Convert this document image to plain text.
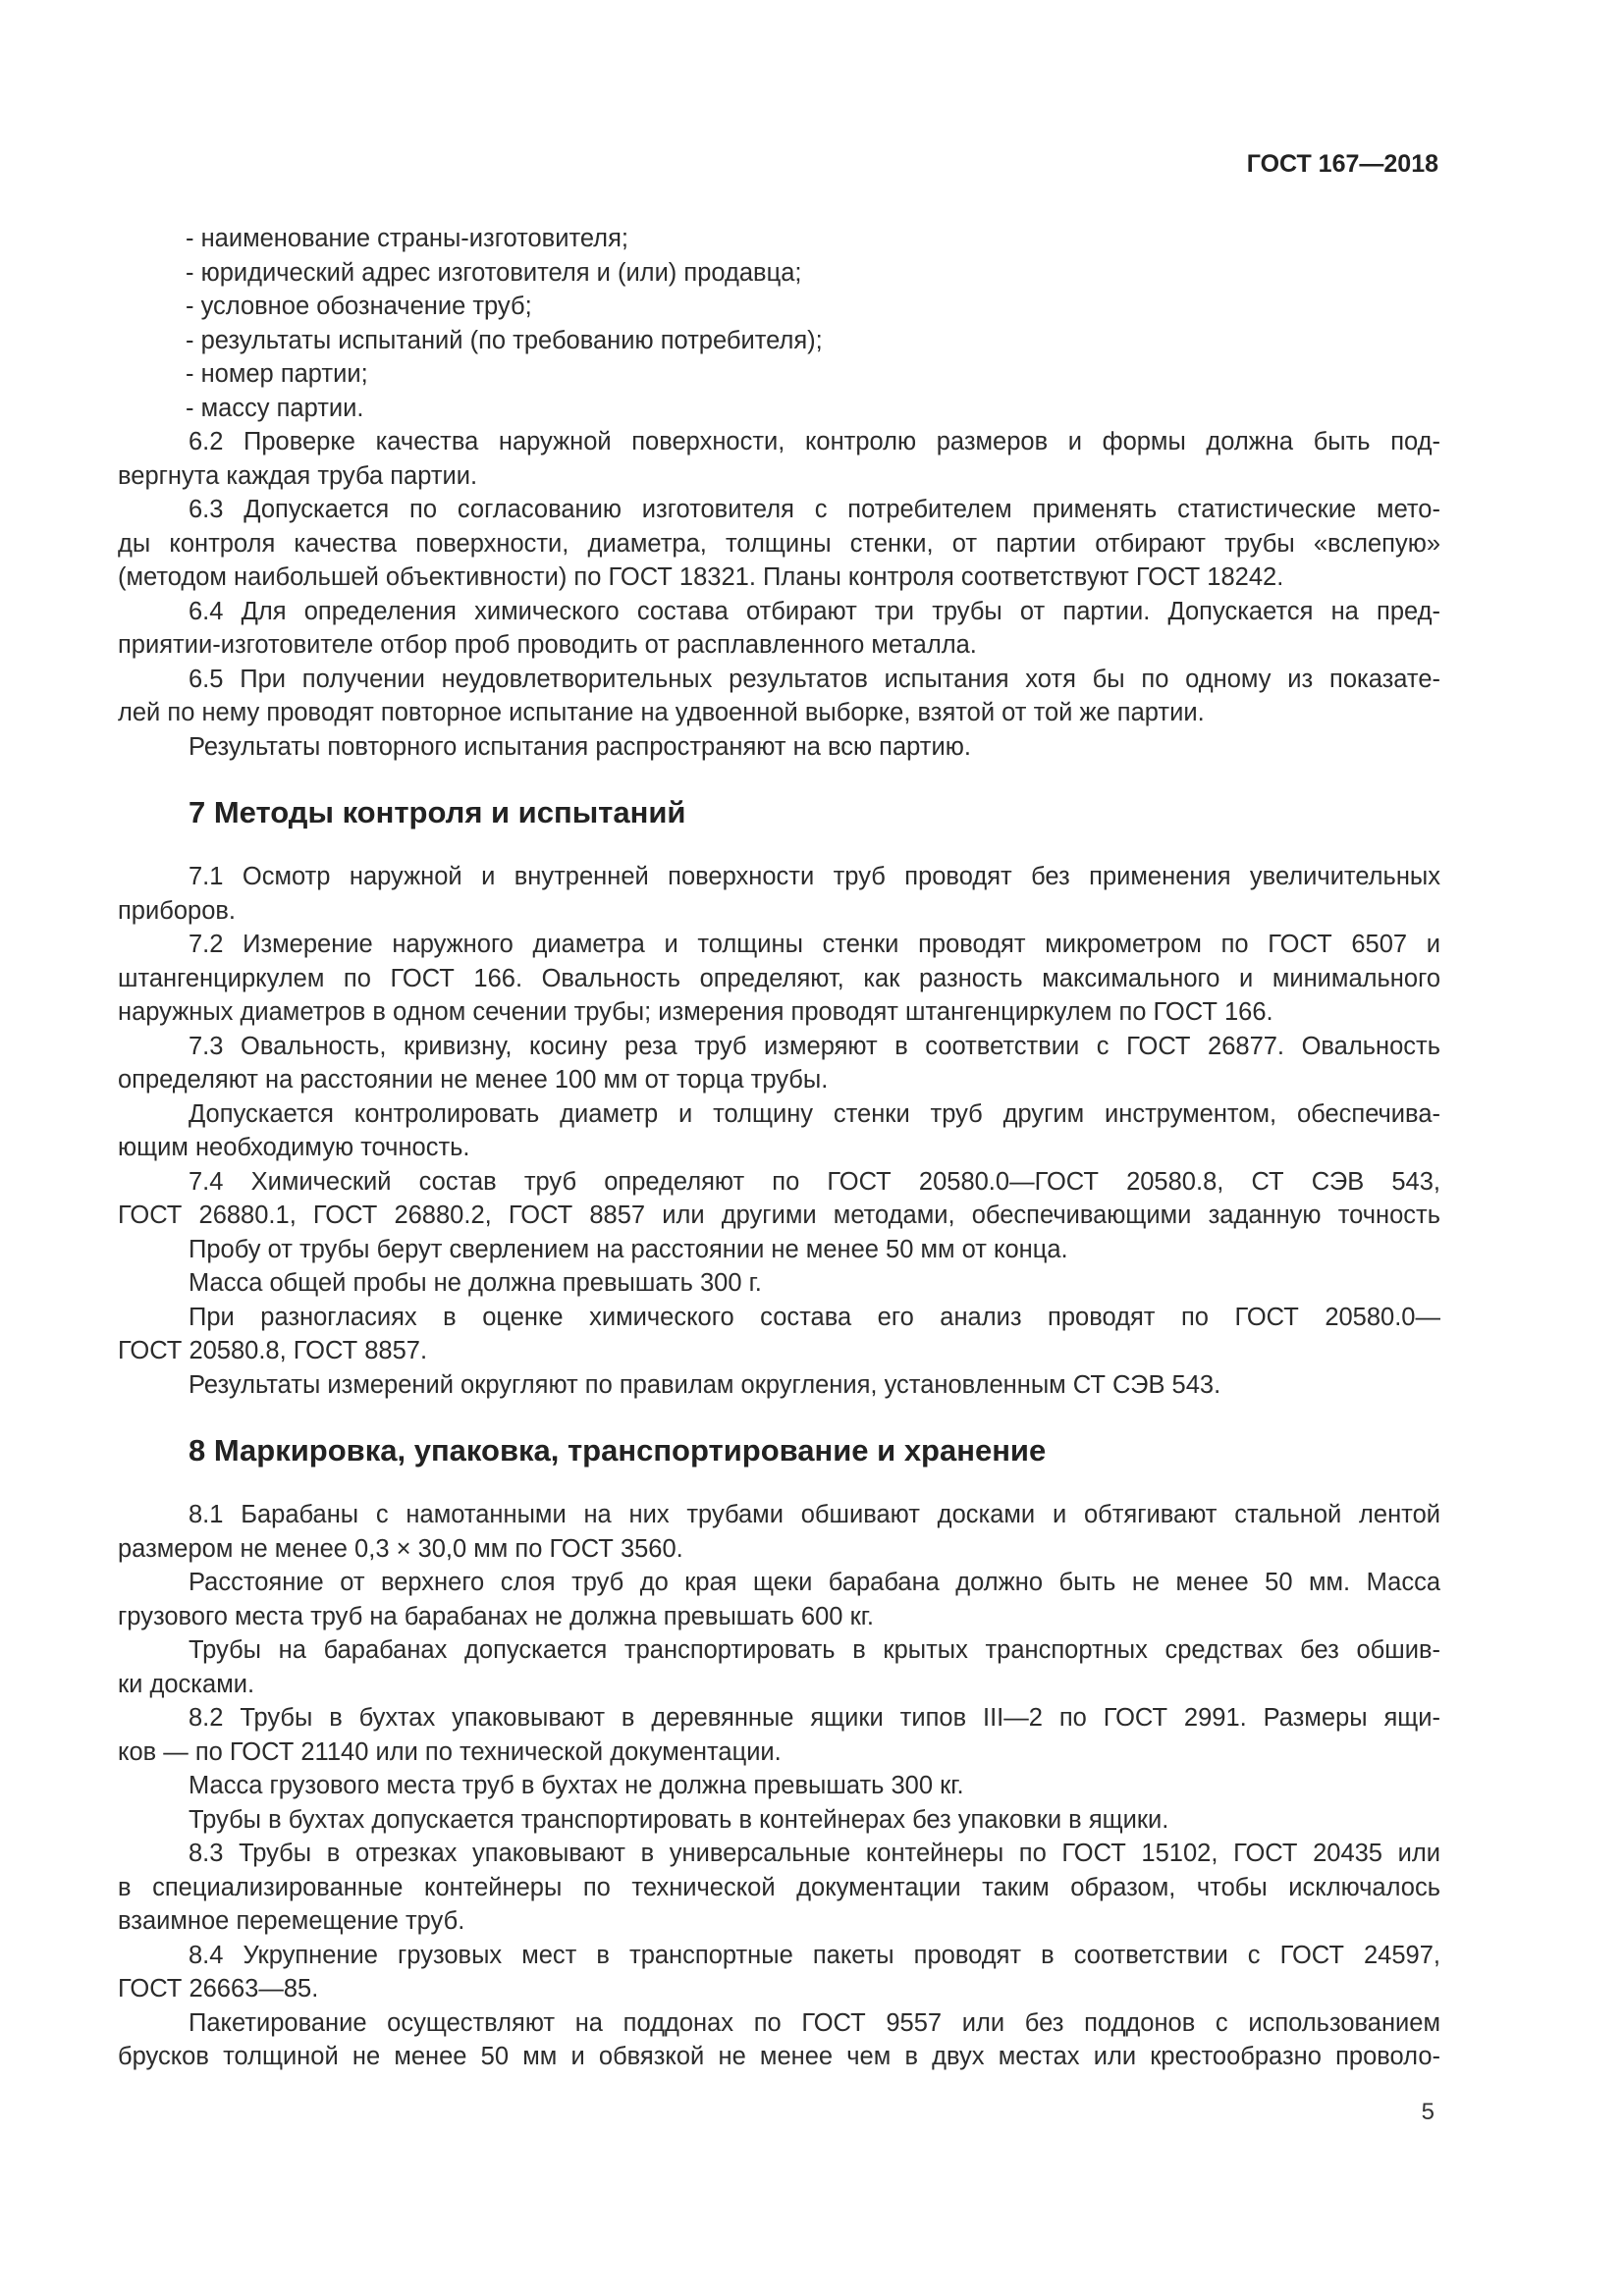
ГОСТ 167—2018
- наименование страны-изготовителя;
- юридический адрес изготовителя и (или) продавца;
- условное обозначение труб;
- результаты испытаний (по требованию потребителя);
- номер партии;
- массу партии.
6.2 Проверке качества наружной поверхности, контролю размеров и формы должна быть под-
вергнута каждая труба партии.
6.3 Допускается по согласованию изготовителя с потребителем применять статистические мето-
ды контроля качества поверхности, диаметра, толщины стенки, от партии отбирают трубы «вслепую»
(методом наибольшей объективности) по ГОСТ 18321. Планы контроля соответствуют ГОСТ 18242.
6.4 Для определения химического состава отбирают три трубы от партии. Допускается на пред-
приятии-изготовителе отбор проб проводить от расплавленного металла.
6.5 При получении неудовлетворительных результатов испытания хотя бы по одному из показате-
лей по нему проводят повторное испытание на удвоенной выборке, взятой от той же партии.
Результаты повторного испытания распространяют на всю партию.
7 Методы контроля и испытаний
7.1 Осмотр наружной и внутренней поверхности труб проводят без применения увеличительных
приборов.
7.2 Измерение наружного диаметра и толщины стенки проводят микрометром по ГОСТ 6507 и
штангенциркулем по ГОСТ 166. Овальность определяют, как разность максимального и минимального
наружных диаметров в одном сечении трубы; измерения проводят штангенциркулем по ГОСТ 166.
7.3 Овальность, кривизну, косину реза труб измеряют в соответствии с ГОСТ 26877. Овальность
определяют на расстоянии не менее 100 мм от торца трубы.
Допускается контролировать диаметр и толщину стенки труб другим инструментом, обеспечива-
ющим необходимую точность.
7.4 Химический состав труб определяют по ГОСТ 20580.0—ГОСТ 20580.8, СТ СЭВ 543,
ГОСТ 26880.1, ГОСТ 26880.2, ГОСТ 8857 или другими методами, обеспечивающими заданную точность
Пробу от трубы берут сверлением на расстоянии не менее 50 мм от конца.
Масса общей пробы не должна превышать 300 г.
При разногласиях в оценке химического состава его анализ проводят по ГОСТ 20580.0—
ГОСТ 20580.8, ГОСТ 8857.
Результаты измерений округляют по правилам округления, установленным СТ СЭВ 543.
8 Маркировка, упаковка, транспортирование и хранение
8.1 Барабаны с намотанными на них трубами обшивают досками и обтягивают стальной лентой
размером не менее 0,3 × 30,0 мм по ГОСТ 3560.
Расстояние от верхнего слоя труб до края щеки барабана должно быть не менее 50 мм. Масса
грузового места труб на барабанах не должна превышать 600 кг.
Трубы на барабанах допускается транспортировать в крытых транспортных средствах без обшив-
ки досками.
8.2 Трубы в бухтах упаковывают в деревянные ящики типов III—2 по ГОСТ 2991. Размеры ящи-
ков — по ГОСТ 21140 или по технической документации.
Масса грузового места труб в бухтах не должна превышать 300 кг.
Трубы в бухтах допускается транспортировать в контейнерах без упаковки в ящики.
8.3 Трубы в отрезках упаковывают в универсальные контейнеры по ГОСТ 15102, ГОСТ 20435 или
в специализированные контейнеры по технической документации таким образом, чтобы исключалось
взаимное перемещение труб.
8.4 Укрупнение грузовых мест в транспортные пакеты проводят в соответствии с ГОСТ 24597,
ГОСТ 26663—85.
Пакетирование осуществляют на поддонах по ГОСТ 9557 или без поддонов с использованием
брусков толщиной не менее 50 мм и обвязкой не менее чем в двух местах или крестообразно проволо-
5
